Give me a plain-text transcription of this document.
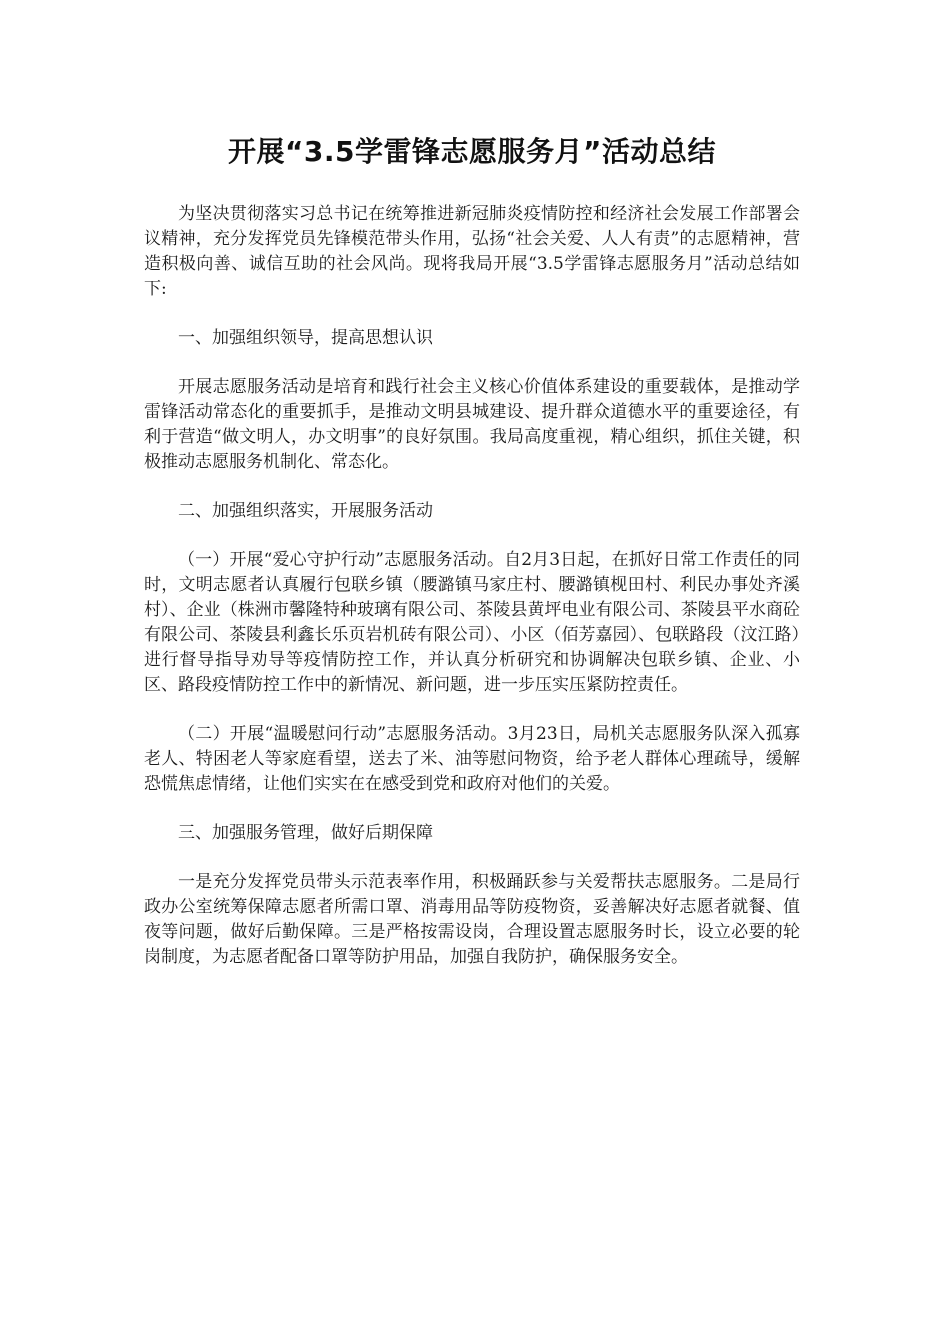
开展“3.5学雷锋志愿服务月”活动总结

为坚决贯彻落实习总书记在统筹推进新冠肺炎疫情防控和经济社会发展工作部署会议精神，充分发挥党员先锋模范带头作用，弘扬“社会关爱、人人有责”的志愿精神，营造积极向善、诚信互助的社会风尚。现将我局开展“3.5学雷锋志愿服务月”活动总结如下:

一、加强组织领导，提高思想认识

开展志愿服务活动是培育和践行社会主义核心价值体系建设的重要载体，是推动学雷锋活动常态化的重要抓手，是推动文明县城建设、提升群众道德水平的重要途径，有利于营造“做文明人，办文明事”的良好氛围。我局高度重视，精心组织，抓住关键，积极推动志愿服务机制化、常态化。

二、加强组织落实，开展服务活动

（一）开展“爱心守护行动”志愿服务活动。自2月3日起，在抓好日常工作责任的同时，文明志愿者认真履行包联乡镇（腰潞镇马家庄村、腰潞镇枧田村、利民办事处齐溪村）、企业（株洲市馨隆特种玻璃有限公司、茶陵县黄坪电业有限公司、茶陵县平水商砼有限公司、茶陵县利鑫长乐页岩机砖有限公司）、小区（佰芳嘉园）、包联路段（汶江路）进行督导指导劝导等疫情防控工作，并认真分析研究和协调解决包联乡镇、企业、小区、路段疫情防控工作中的新情况、新问题，进一步压实压紧防控责任。

（二）开展“温暖慰问行动”志愿服务活动。3月23日，局机关志愿服务队深入孤寡老人、特困老人等家庭看望，送去了米、油等慰问物资，给予老人群体心理疏导，缓解恐慌焦虑情绪，让他们实实在在感受到党和政府对他们的关爱。

三、加强服务管理，做好后期保障

一是充分发挥党员带头示范表率作用，积极踊跃参与关爱帮扶志愿服务。二是局行政办公室统筹保障志愿者所需口罩、消毒用品等防疫物资，妥善解决好志愿者就餐、值夜等问题，做好后勤保障。三是严格按需设岗，合理设置志愿服务时长，设立必要的轮岗制度，为志愿者配备口罩等防护用品，加强自我防护，确保服务安全。
